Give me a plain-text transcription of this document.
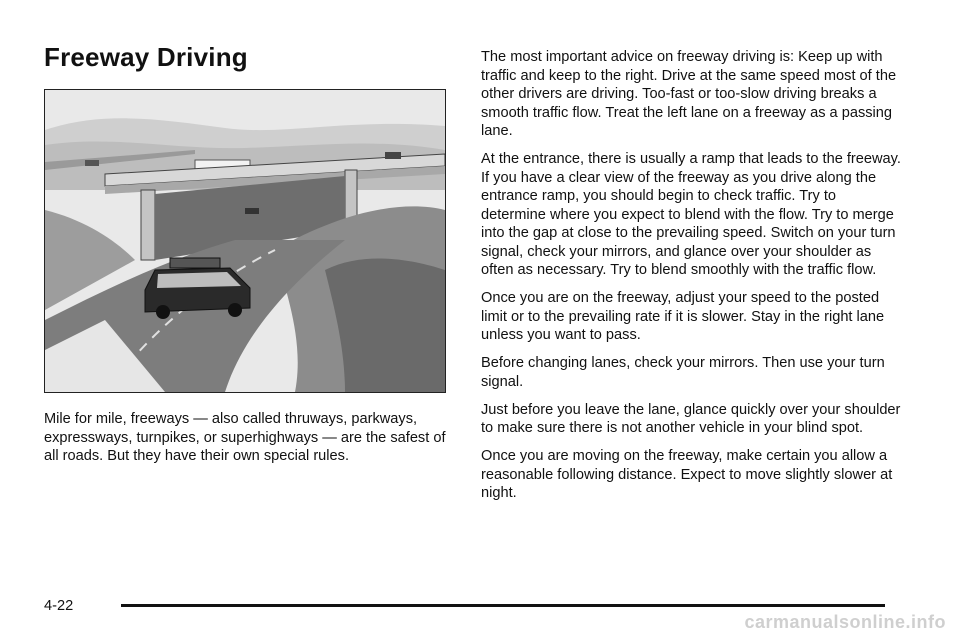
Freeway Driving

Mile for mile, freeways — also called thruways, parkways, expressways, turnpikes, or superhighways — are the safest of all roads. But they have their own special rules.

The most important advice on freeway driving is: Keep up with traffic and keep to the right. Drive at the same speed most of the other drivers are driving. Too-fast or too-slow driving breaks a smooth traffic flow. Treat the left lane on a freeway as a passing lane.

At the entrance, there is usually a ramp that leads to the freeway. If you have a clear view of the freeway as you drive along the entrance ramp, you should begin to check traffic. Try to determine where you expect to blend with the flow. Try to merge into the gap at close to the prevailing speed. Switch on your turn signal, check your mirrors, and glance over your shoulder as often as necessary. Try to blend smoothly with the traffic flow.

Once you are on the freeway, adjust your speed to the posted limit or to the prevailing rate if it is slower. Stay in the right lane unless you want to pass.

Before changing lanes, check your mirrors. Then use your turn signal.

Just before you leave the lane, glance quickly over your shoulder to make sure there is not another vehicle in your blind spot.

Once you are moving on the freeway, make certain you allow a reasonable following distance. Expect to move slightly slower at night.

4-22
carmanualsonline.info
